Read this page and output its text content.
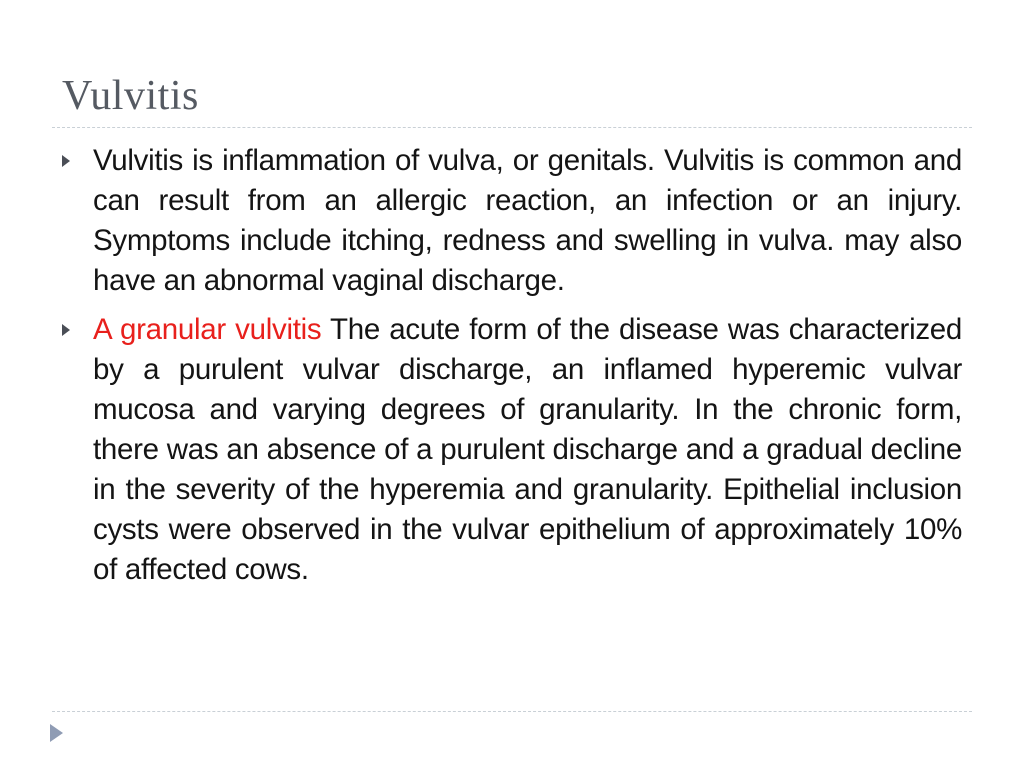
Vulvitis

Vulvitis is inflammation of vulva, or genitals. Vulvitis is common and can result from an allergic reaction, an infection or an injury. Symptoms include itching, redness and swelling in vulva. may also have an abnormal vaginal discharge.

A granular vulvitis The acute form of the disease was characterized by a purulent vulvar discharge, an inflamed hyperemic vulvar mucosa and varying degrees of granularity. In the chronic form, there was an absence of a purulent discharge and a gradual decline in the severity of the hyperemia and granularity. Epithelial inclusion cysts were observed in the vulvar epithelium of approximately 10% of affected cows.
